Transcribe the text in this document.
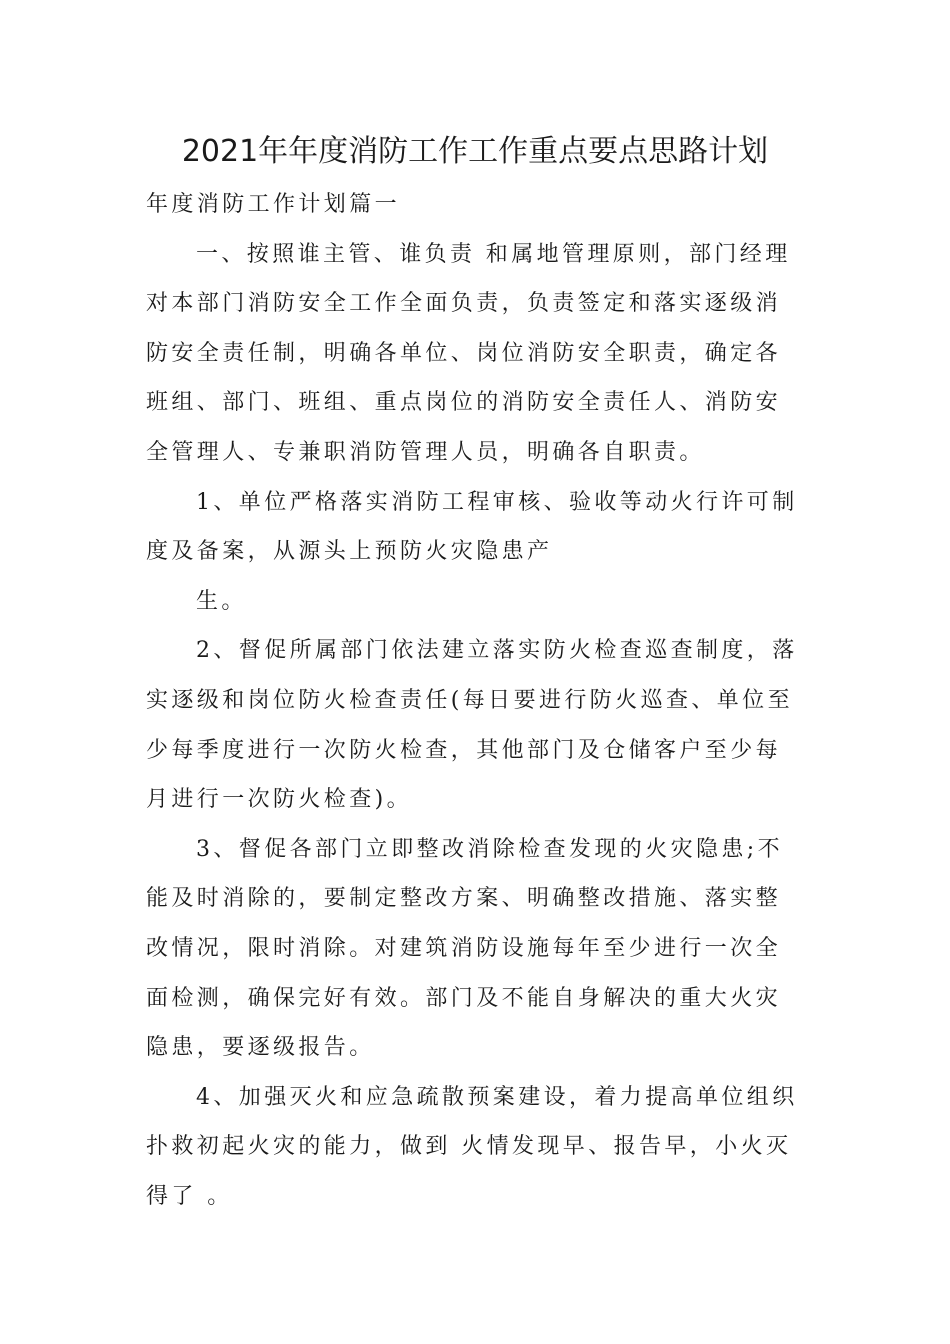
2021年年度消防工作工作重点要点思路计划

年度消防工作计划篇一

一、按照谁主管、谁负责 和属地管理原则，部门经理

对本部门消防安全工作全面负责，负责签定和落实逐级消

防安全责任制，明确各单位、岗位消防安全职责，确定各

班组、部门、班组、重点岗位的消防安全责任人、消防安

全管理人、专兼职消防管理人员，明确各自职责。

1、单位严格落实消防工程审核、验收等动火行许可制

度及备案，从源头上预防火灾隐患产

生。

2、督促所属部门依法建立落实防火检查巡查制度，落

实逐级和岗位防火检查责任(每日要进行防火巡查、单位至

少每季度进行一次防火检查，其他部门及仓储客户至少每

月进行一次防火检查)。

3、督促各部门立即整改消除检查发现的火灾隐患;不

能及时消除的，要制定整改方案、明确整改措施、落实整

改情况，限时消除。对建筑消防设施每年至少进行一次全

面检测，确保完好有效。部门及不能自身解决的重大火灾

隐患，要逐级报告。

4、加强灭火和应急疏散预案建设，着力提高单位组织

扑救初起火灾的能力，做到 火情发现早、报告早，小火灭

得了 。
